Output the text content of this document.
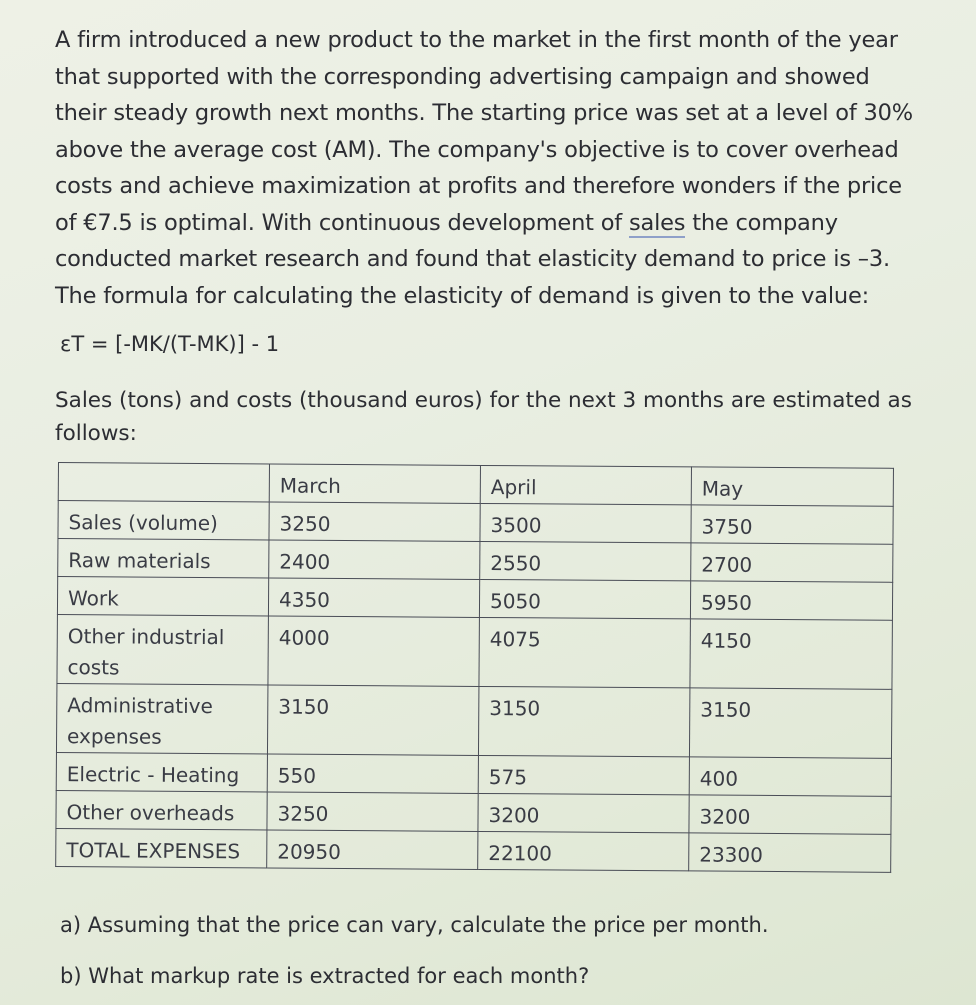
A firm introduced a new product to the market in the first month of the year that supported with the corresponding advertising campaign and showed their steady growth next months. The starting price was set at a level of 30% above the average cost (AM). The company's objective is to cover overhead costs and achieve maximization at profits and therefore wonders if the price of €7.5 is optimal. With continuous development of sales the company conducted market research and found that elasticity demand to price is –3. The formula for calculating the elasticity of demand is given to the value:
εT = [-MK/(T-MK)] - 1
Sales (tons) and costs (thousand euros) for the next 3 months are estimated as follows:
	March	April	May
Sales (volume)	3250	3500	3750
Raw materials	2400	2550	2700
Work	4350	5050	5950
Other industrial costs	4000	4075	4150
Administrative expenses	3150	3150	3150
Electric - Heating	550	575	400
Other overheads	3250	3200	3200
TOTAL EXPENSES	20950	22100	23300
a) Assuming that the price can vary, calculate the price per month.
b) What markup rate is extracted for each month?
